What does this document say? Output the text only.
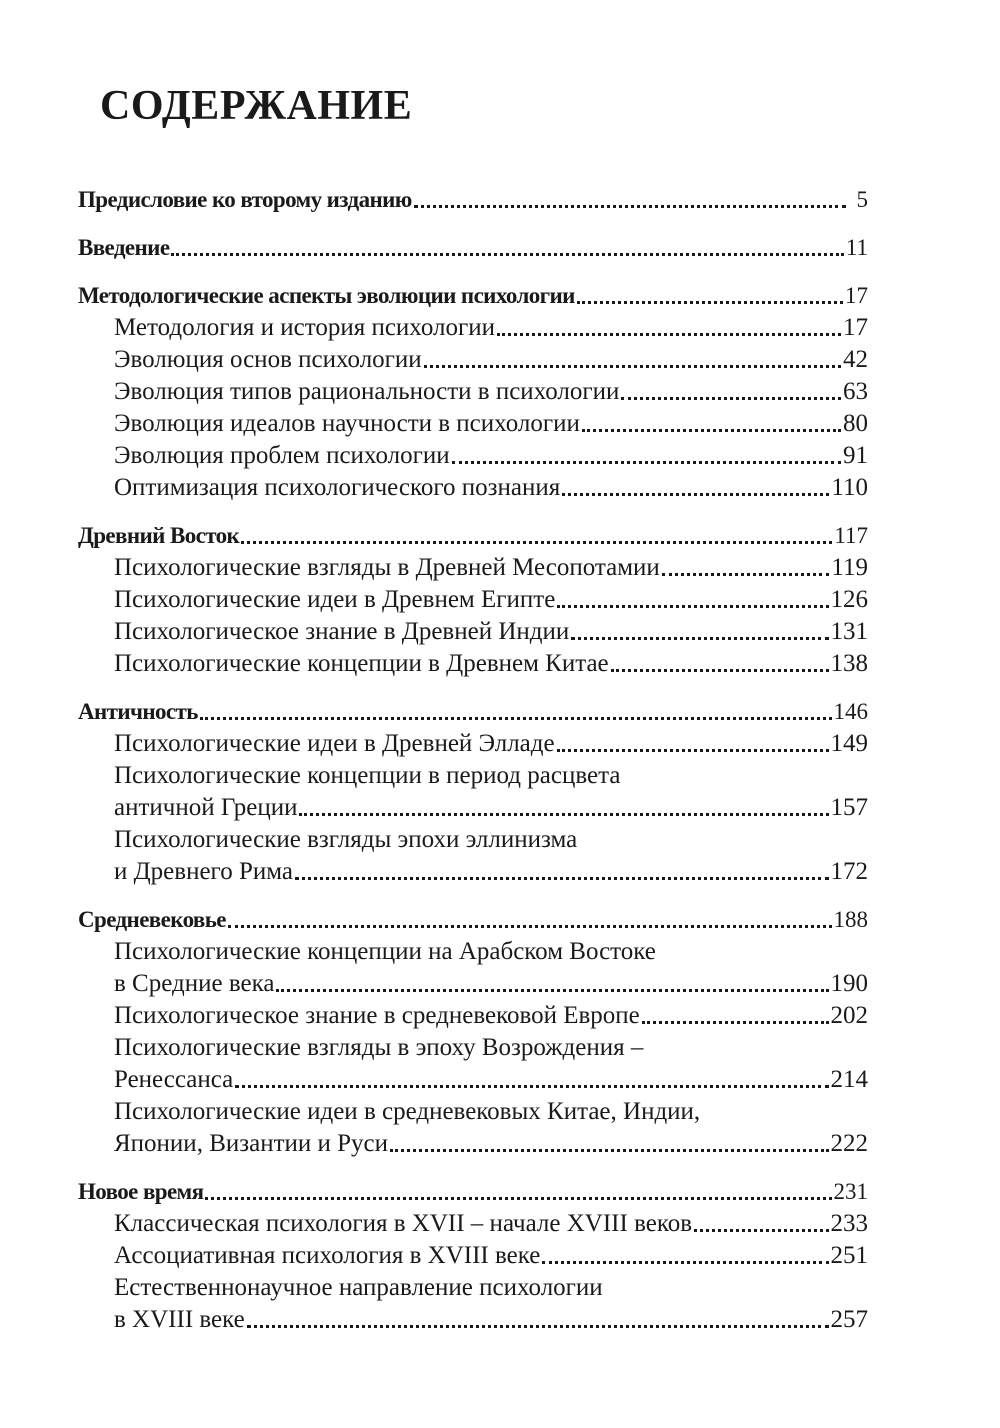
СОДЕРЖАНИЕ
Предисловие ко второму изданию	5
Введение	11
Методологические аспекты эволюции психологии	17
Методология и история психологии	17
Эволюция основ психологии	42
Эволюция типов рациональности в психологии	63
Эволюция идеалов научности в психологии	80
Эволюция проблем психологии	91
Оптимизация психологического познания	110
Древний Восток	117
Психологические взгляды в Древней Месопотамии	119
Психологические идеи в Древнем Египте	126
Психологическое знание в Древней Индии	131
Психологические концепции в Древнем Китае	138
Античность	146
Психологические идеи в Древней Элладе	149
Психологические концепции в период расцвета
античной Греции	157
Психологические взгляды эпохи эллинизма
и Древнего Рима	172
Средневековье	188
Психологические концепции на Арабском Востоке
в Средние века	190
Психологическое знание в средневековой Европе	202
Психологические взгляды в эпоху Возрождения –
Ренессанса	214
Психологические идеи в средневековых Китае, Индии,
Японии, Византии и Руси	222
Новое время	231
Классическая психология в XVII – начале XVIII веков	233
Ассоциативная психология в XVIII веке	251
Естественнонаучное направление психологии
в XVIII веке	257
